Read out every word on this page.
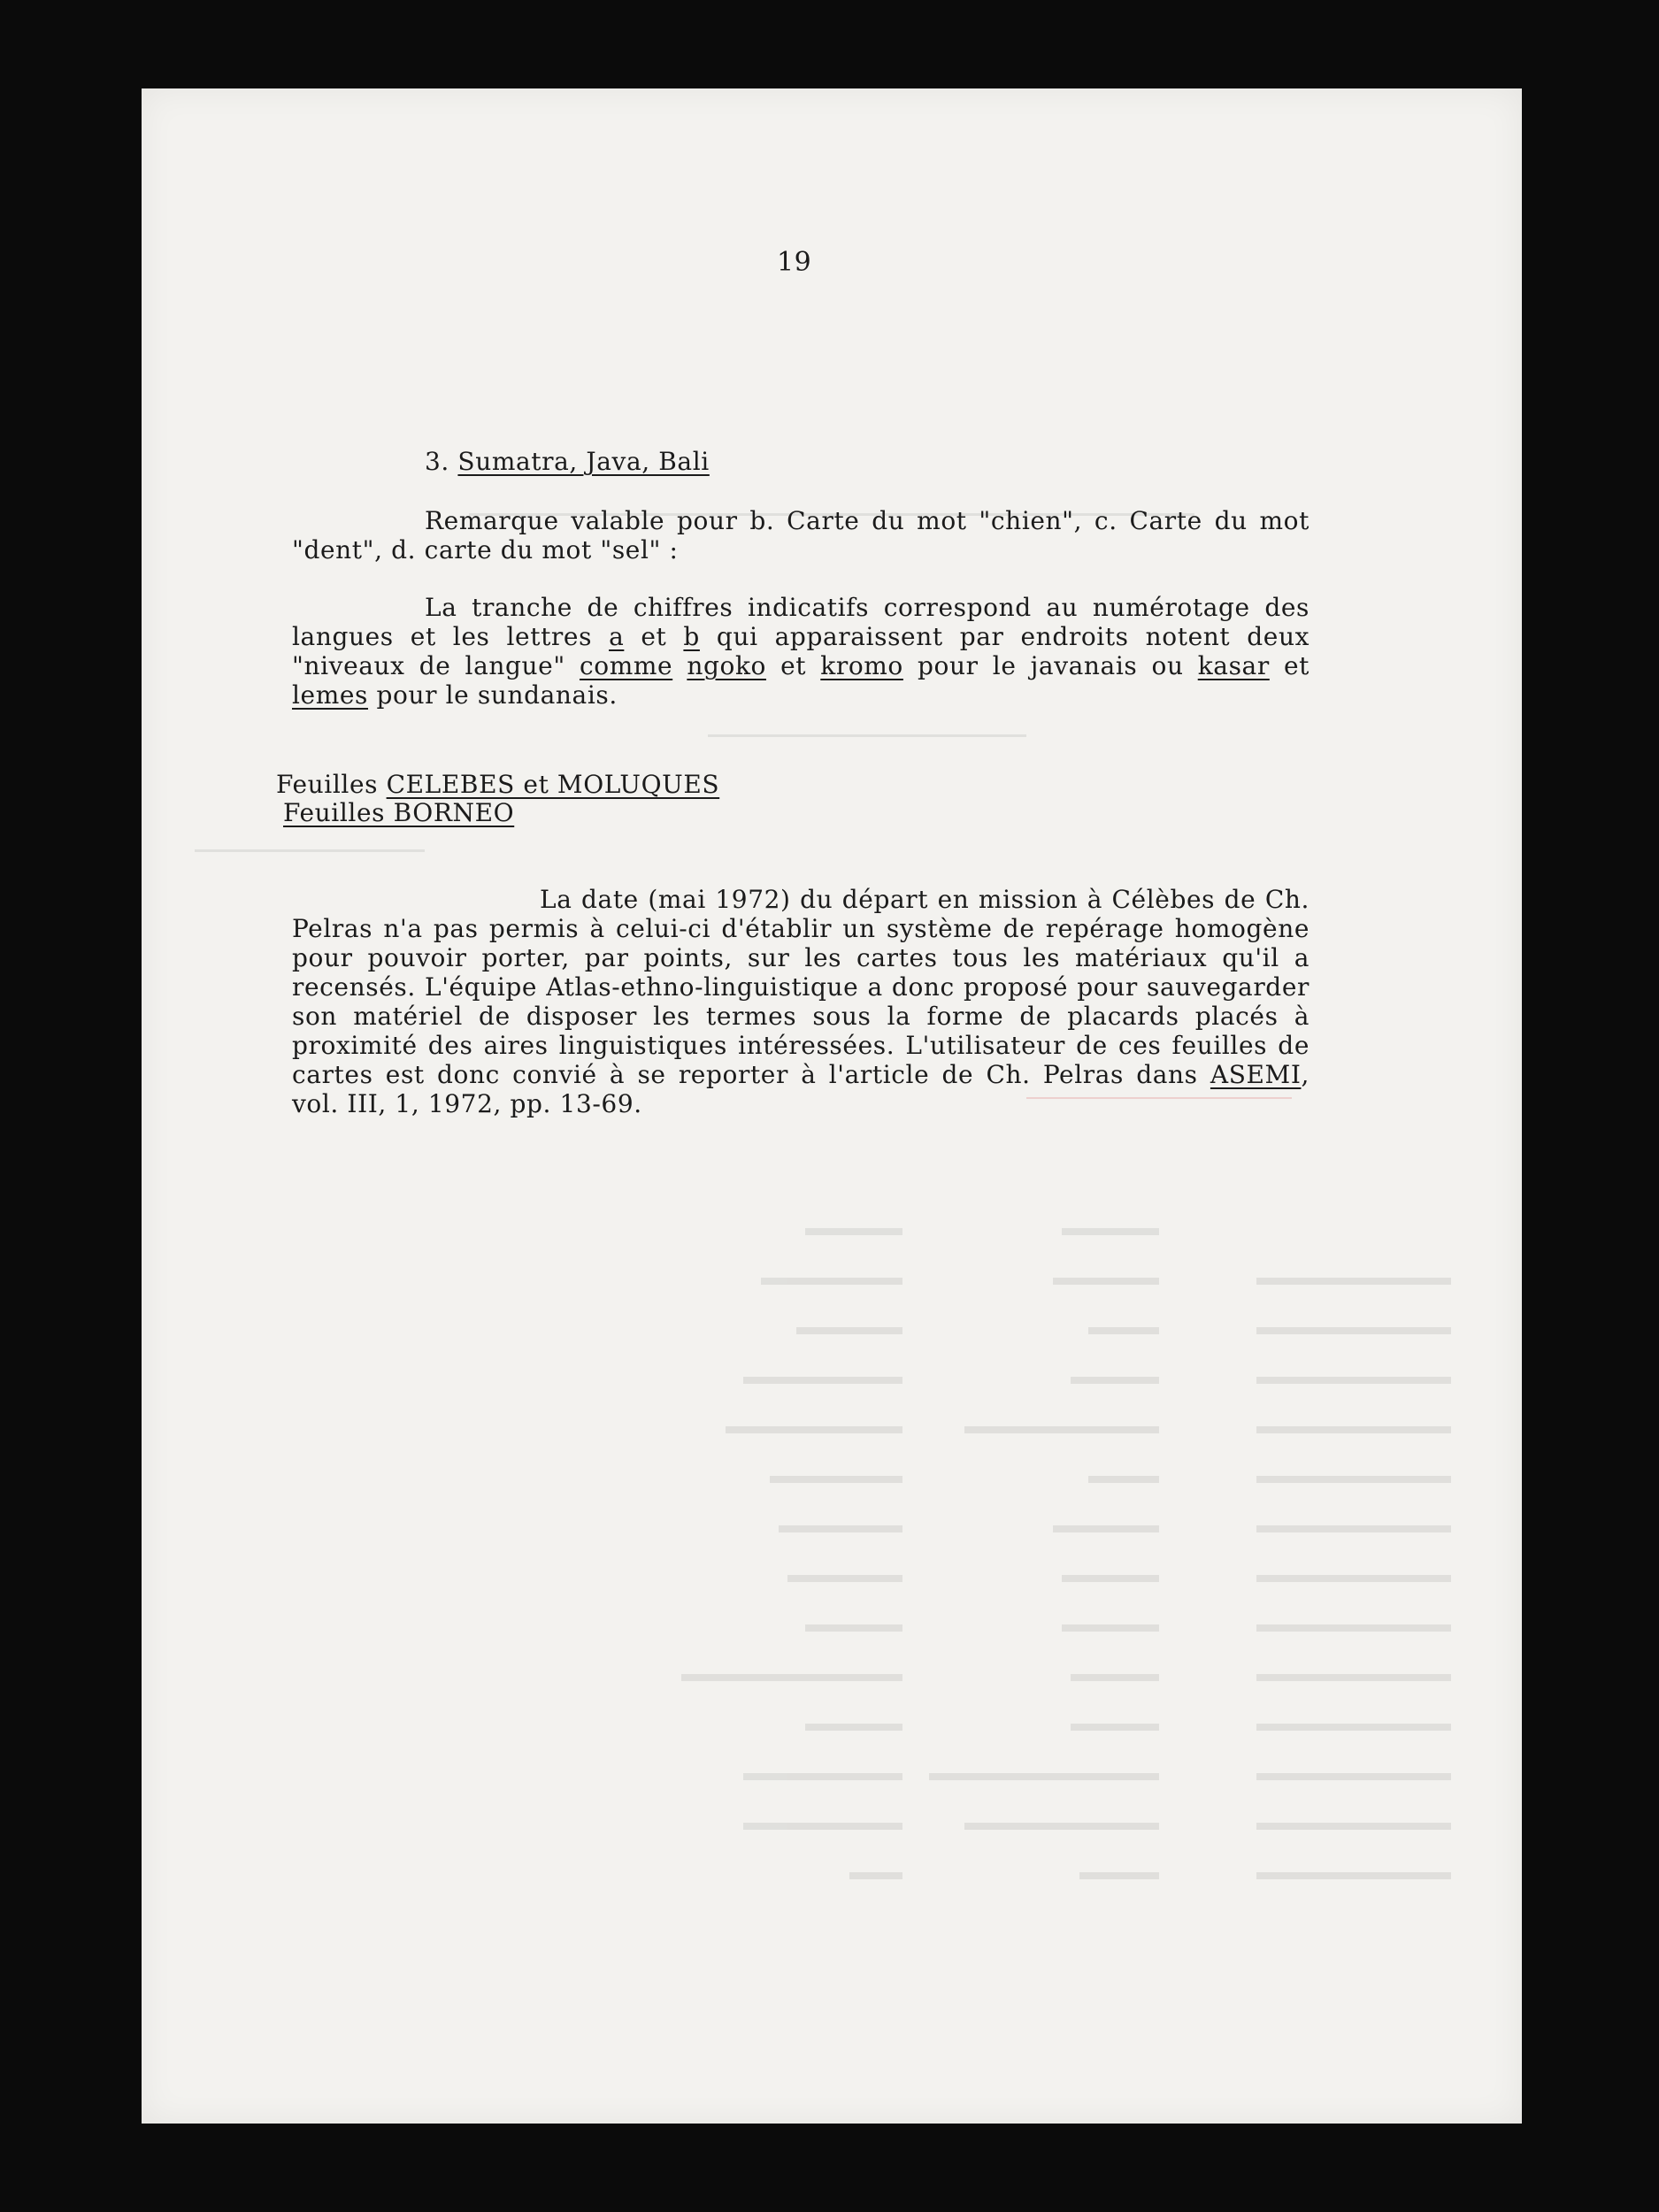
19
3. Sumatra, Java, Bali
Remarque valable pour b. Carte du mot "chien", c. Carte du mot "dent", d. carte du mot "sel" :
La tranche de chiffres indicatifs correspond au numérotage des langues et les lettres a et b qui apparaissent par endroits notent deux "niveaux de langue" comme ngoko et kromo pour le javanais ou kasar et lemes pour le sundanais.
Feuilles CELEBES et MOLUQUES
Feuilles BORNEO
La date (mai 1972) du départ en mission à Célèbes de Ch. Pelras n'a pas permis à celui-ci d'établir un système de repérage homogène pour pouvoir porter, par points, sur les cartes tous les matériaux qu'il a recensés. L'équipe Atlas-ethno-linguistique a donc proposé pour sauvegarder son matériel de disposer les termes sous la forme de placards placés à proximité des aires linguistiques intéressées. L'utilisateur de ces feuilles de cartes est donc convié à se reporter à l'article de Ch. Pelras dans ASEMI, vol. III, 1, 1972, pp. 13-69.
